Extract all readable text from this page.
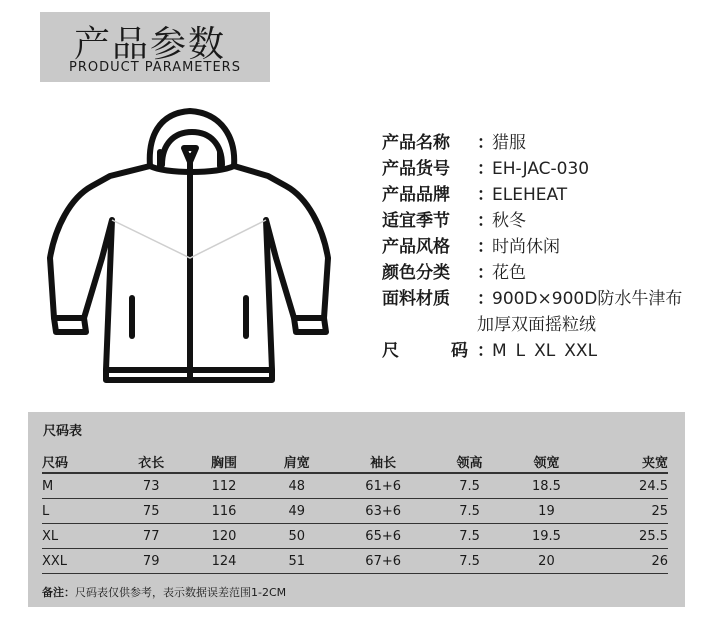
产品参数
PRODUCT PARAMETERS
产品名称	：
猎服
产品货号	：
EH-JAC-030
产品品牌	：
ELEHEAT
适宜季节	：
秋冬
产品风格	：
时尚休闲
颜色分类	：
花色
面料材质	：
900D×900D防水牛津布
加厚双面摇粒绒
尺	码 ：
M L XL XXL
尺码表
尺码	衣长	胸围	肩宽	袖长	领高	领宽	夹宽
M	73	112	48	61+6	7.5	18.5	24.5
L	75	116	49	63+6	7.5	19	25
XL	77	120	50	65+6	7.5	19.5	25.5
XXL	79	124	51	67+6	7.5	20	26
备注：尺码表仅供参考，表示数据误差范围1-2CM
